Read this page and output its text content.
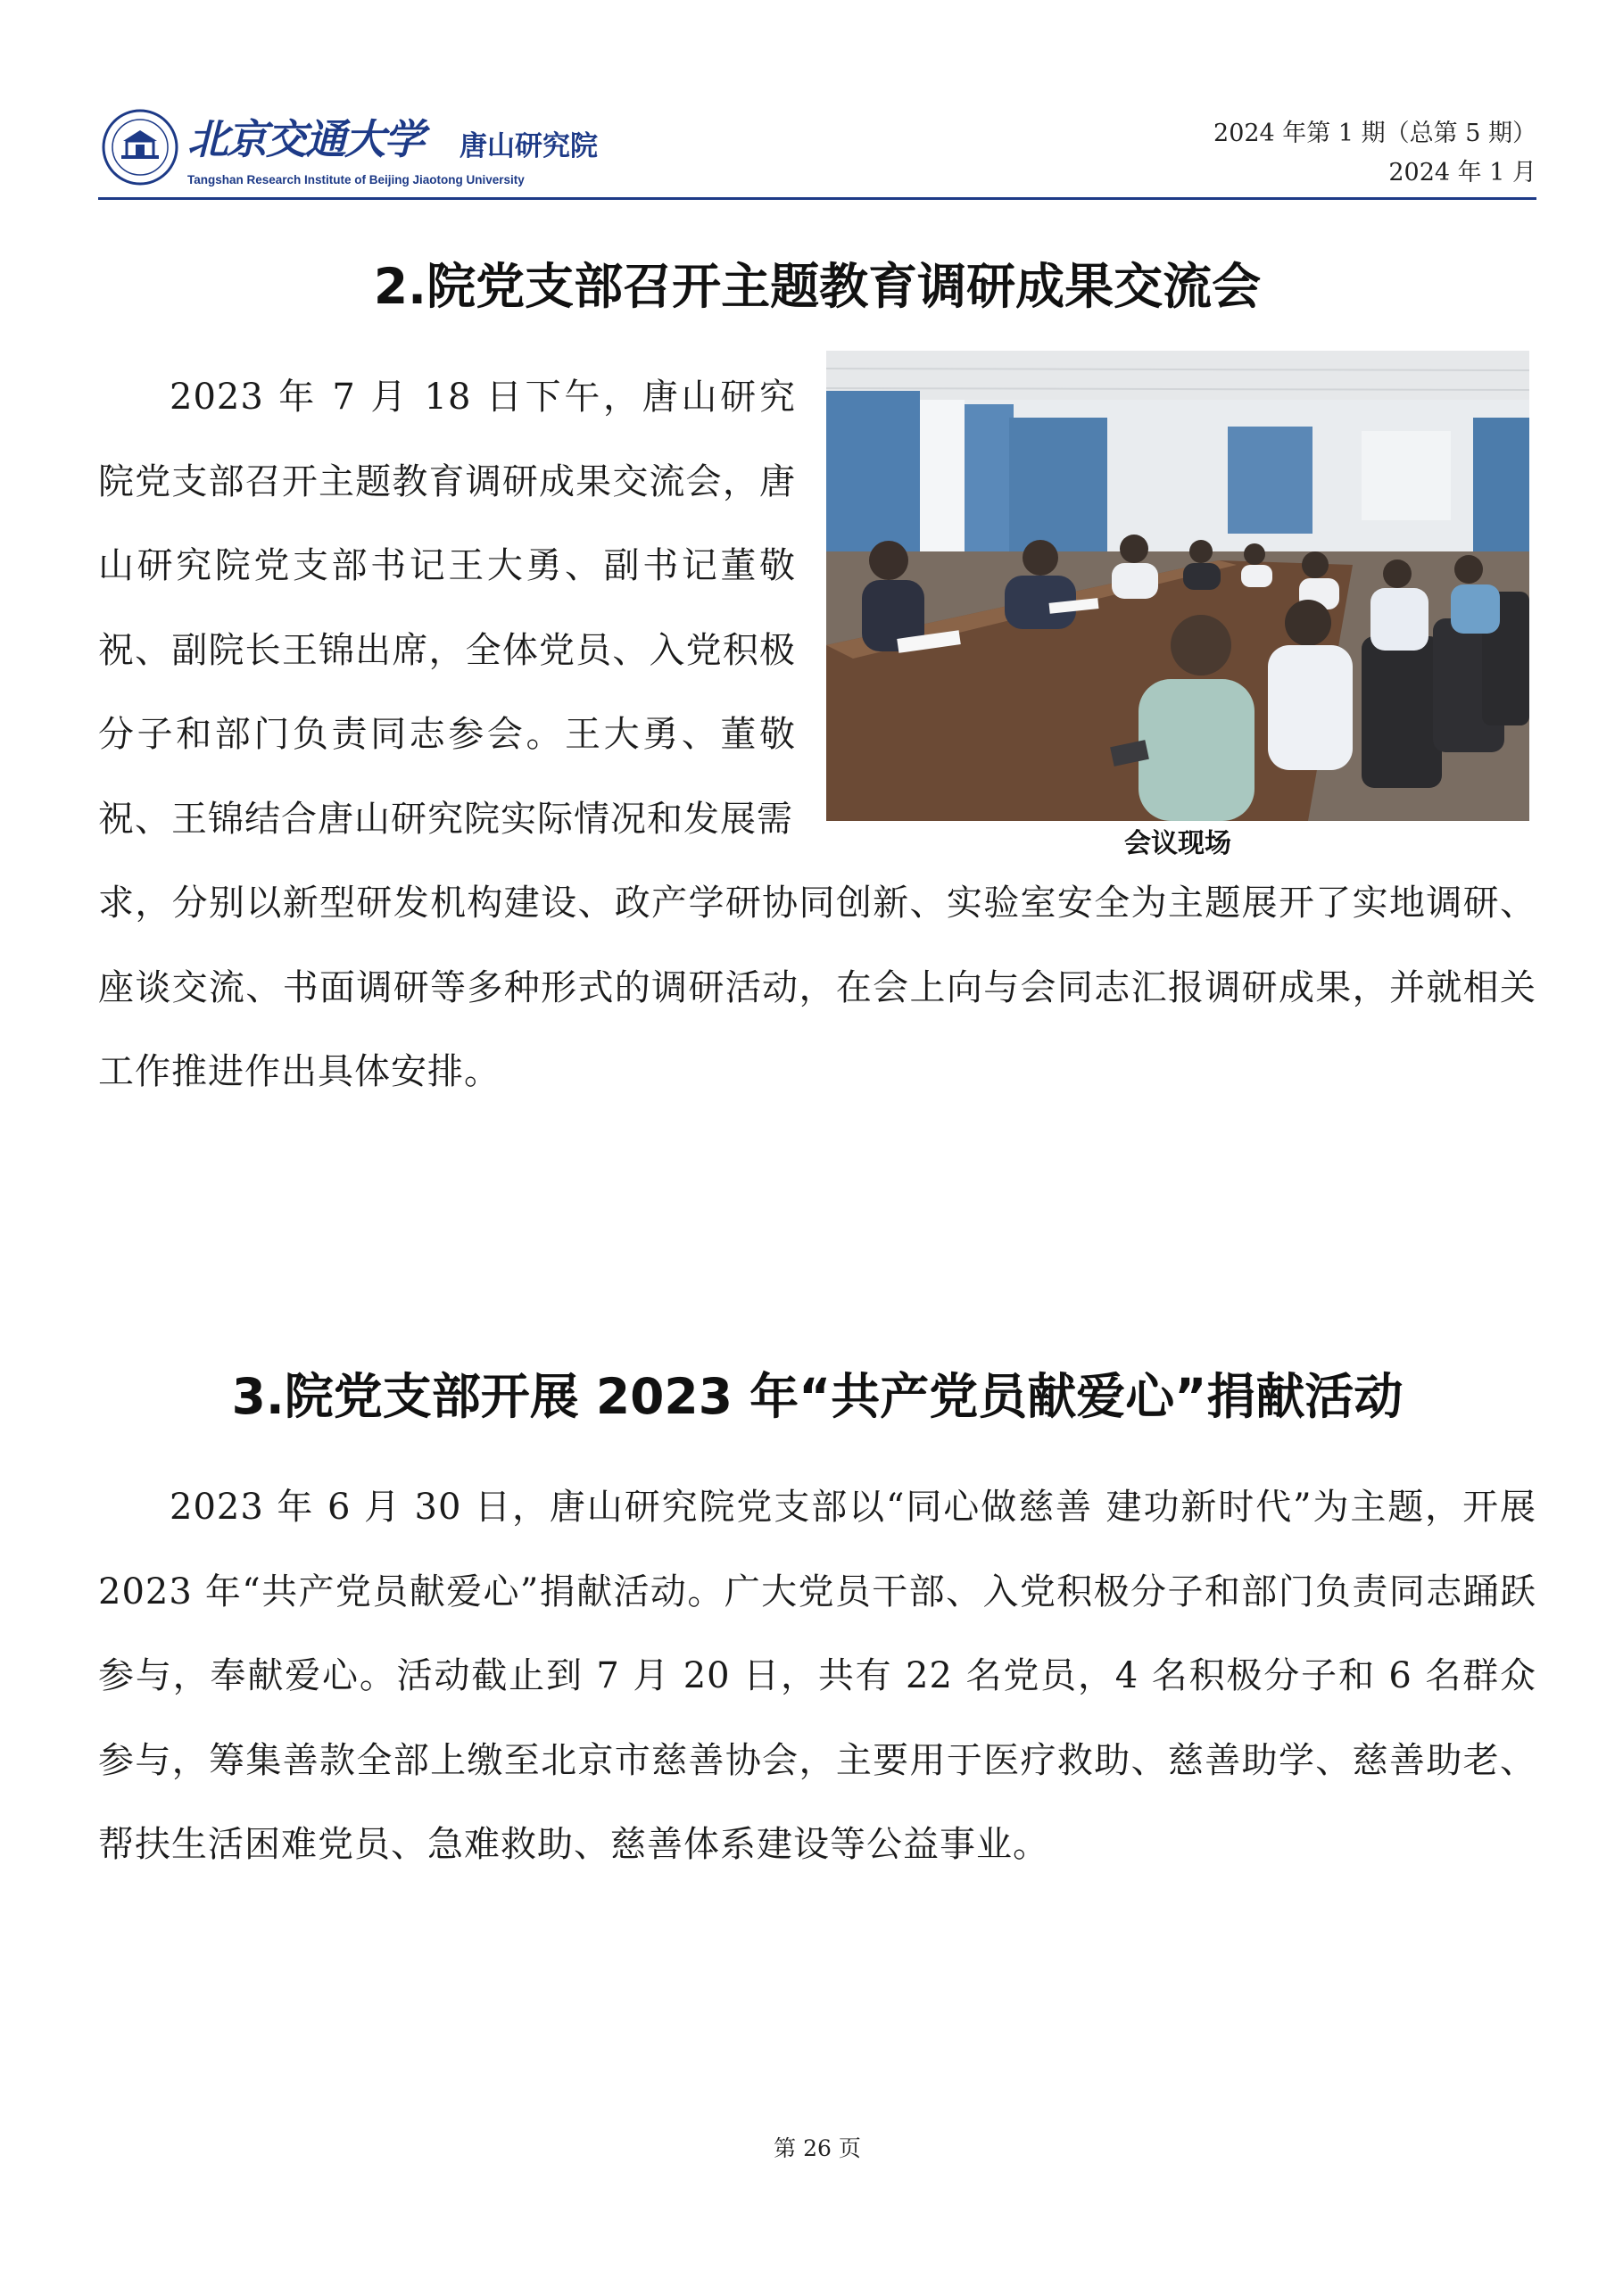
北京交通大学 唐山研究院
Tangshan Research Institute of Beijing Jiaotong University
2024 年第 1 期（总第 5 期）
2024 年 1 月
2.院党支部召开主题教育调研成果交流会
会议现场

2023 年 7 月 18 日下午，唐山研究院党支部召开主题教育调研成果交流会，唐山研究院党支部书记王大勇、副书记董敬祝、副院长王锦出席，全体党员、入党积极分子和部门负责同志参会。王大勇、董敬祝、王锦结合唐山研究院实际情况和发展需

3.院党支部开展 2023 年“共产党员献爱心”捐献活动

2023 年 6 月 30 日，唐山研究院党支部以“同心做慈善 建功新时代”为主题，开展 2023 年“共产党员献爱心”捐献活动。广大党员干部、入党积极分子和部门负责同志踊跃参与，奉献爱心。活动截止到 7 月 20 日，共有 22 名党员，4 名积极分子和 6 名群众参与，筹集善款全部上缴至北京市慈善协会，主要用于医疗救助、慈善助学、慈善助老、帮扶生活困难党员、急难救助、慈善体系建设等公益事业。

第 26 页

求，分别以新型研发机构建设、政产学研协同创新、实验室安全为主题展开了实地调研、座谈交流、书面调研等多种形式的调研活动，在会上向与会同志汇报调研成果，并就相关工作推进作出具体安排。
